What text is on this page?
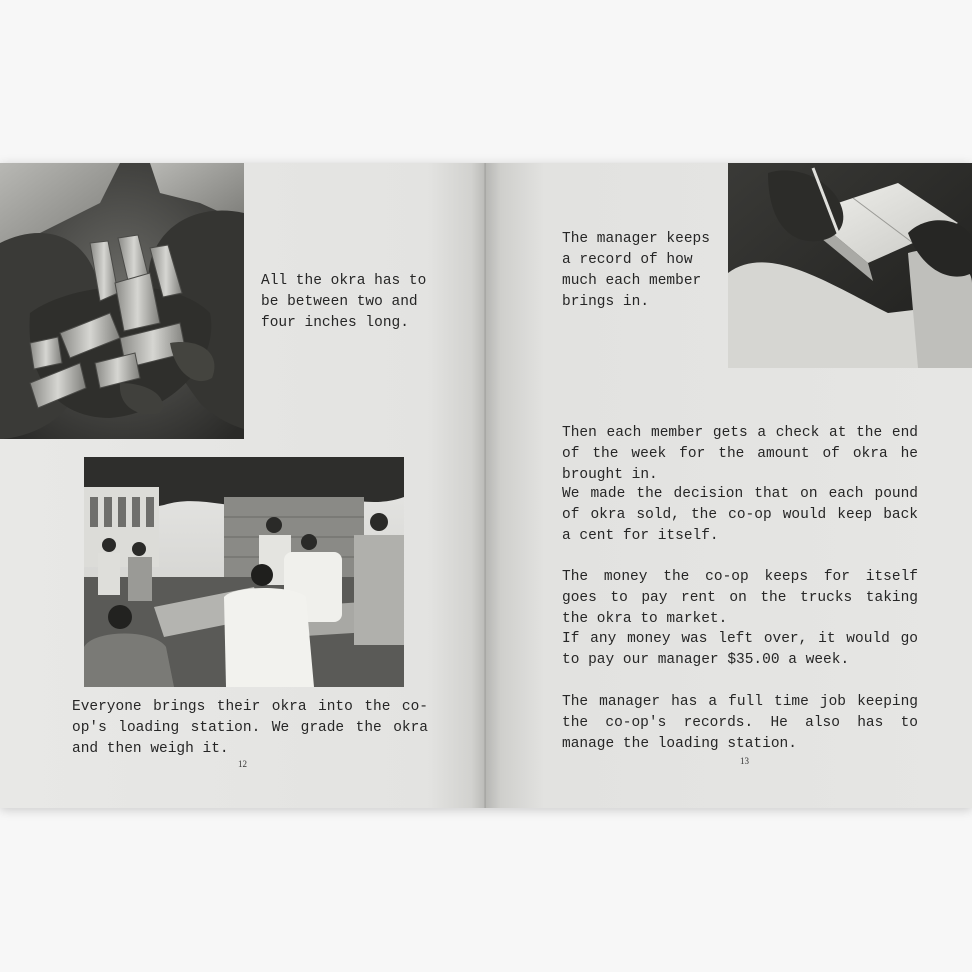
All the okra has to
be between two and
four inches long.
Everyone brings their okra into the co-op's loading station. We grade the okra and then weigh it.
12
The manager keeps
a record of how
much each member
brings in.
Then each member gets a check at the end of the week for the amount of okra he brought in.
We made the decision that on each pound of okra sold, the co-op would keep back a cent for itself.
The money the co-op keeps for itself goes to pay rent on the trucks taking the okra to market.
If any money was left over, it would go to pay our manager $35.00 a week.
The manager has a full time job keeping the co-op's records. He also has to manage the loading station.
13
